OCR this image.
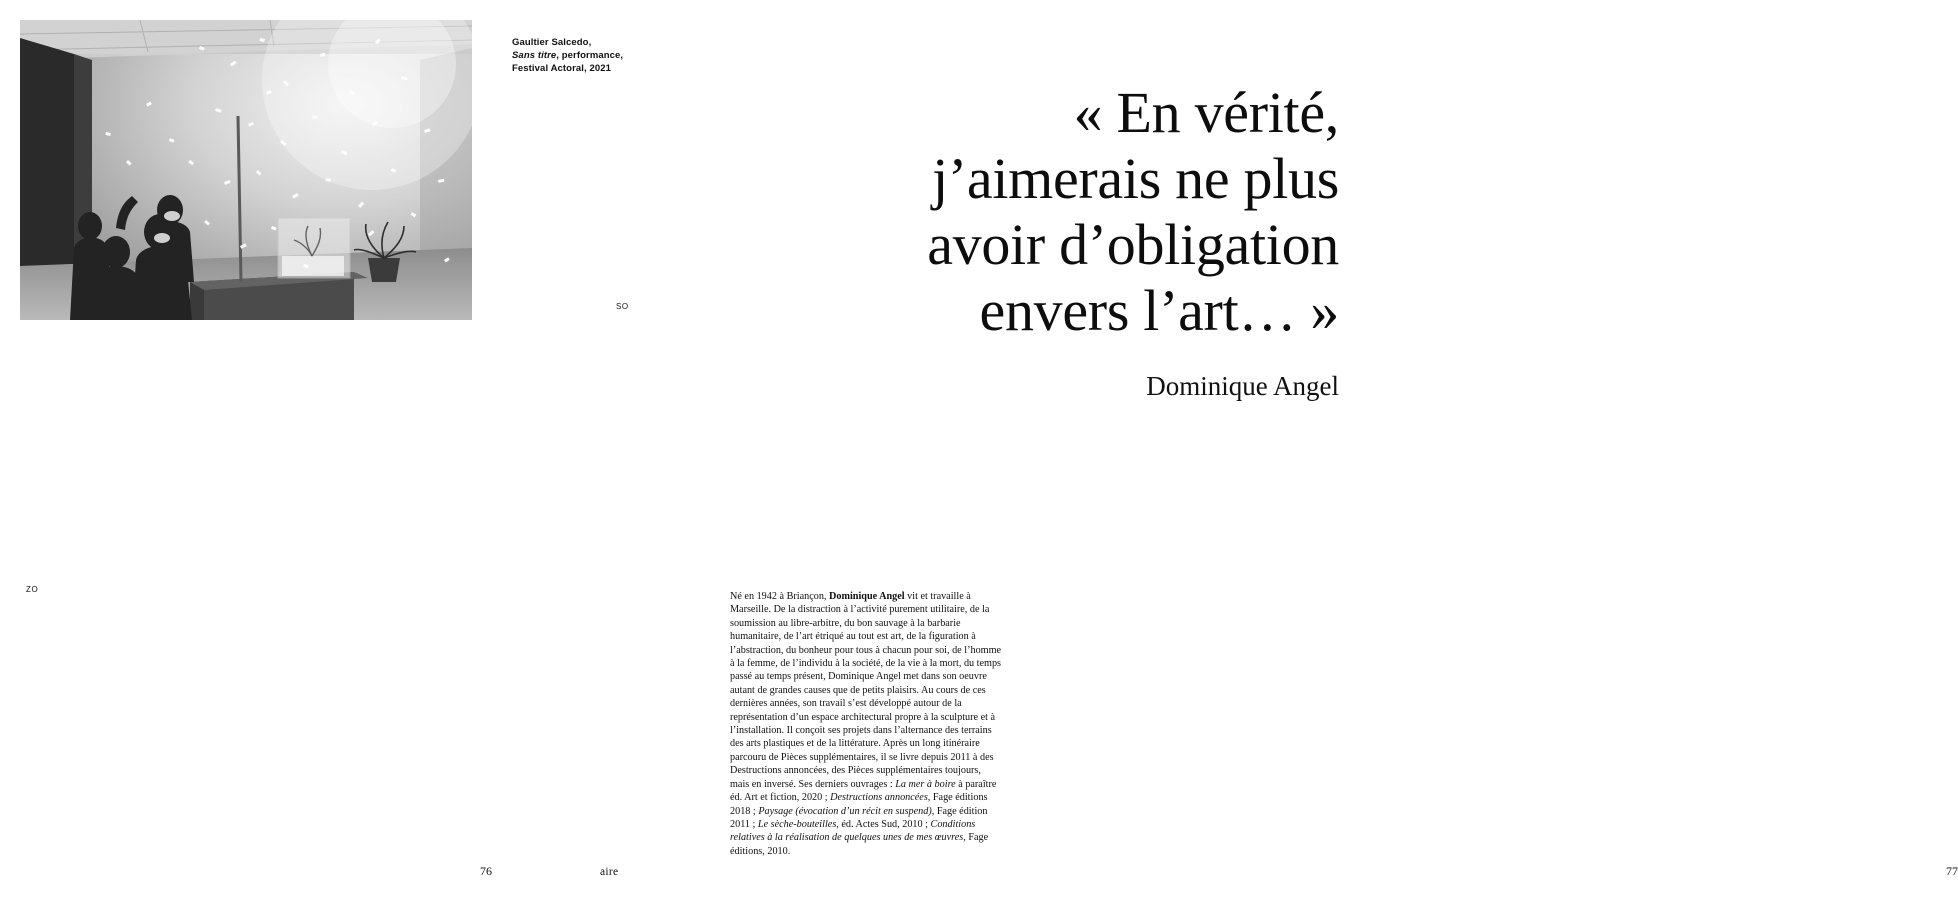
Gaultier Salcedo,
Sans titre, performance,
Festival Actoral, 2021
SO
ZO
76
« En vérité,
j’aimerais ne plus
avoir d’obligation
envers l’art… »
Dominique Angel
Né en 1942 à Briançon, Dominique Angel vit et travaille à Marseille. De la distraction à l’activité purement utilitaire, de la soumission au libre-arbitre, du bon sauvage à la barbarie humanitaire, de l’art étriqué au tout est art, de la figuration à l’abstraction, du bonheur pour tous à chacun pour soi, de l’homme à la femme, de l’individu à la société, de la vie à la mort, du temps passé au temps présent, Dominique Angel met dans son oeuvre autant de grandes causes que de petits plaisirs. Au cours de ces dernières années, son travail s’est développé autour de la représentation d’un espace architectural propre à la sculpture et à l’installation. Il conçoit ses projets dans l’alternance des terrains des arts plastiques et de la littérature. Après un long itinéraire parcouru de Pièces supplémentaires, il se livre depuis 2011 à des Destructions annoncées, des Pièces supplémentaires toujours, mais en inversé. Ses derniers ouvrages : La mer à boire à paraître éd. Art et fiction, 2020 ; Destructions annoncées, Fage éditions 2018 ; Paysage (évocation d’un récit en suspend), Fage édition 2011 ; Le sèche-bouteilles, éd. Actes Sud, 2010 ; Conditions relatives à la réalisation de quelques unes de mes œuvres, Fage éditions, 2010.
77
aire
